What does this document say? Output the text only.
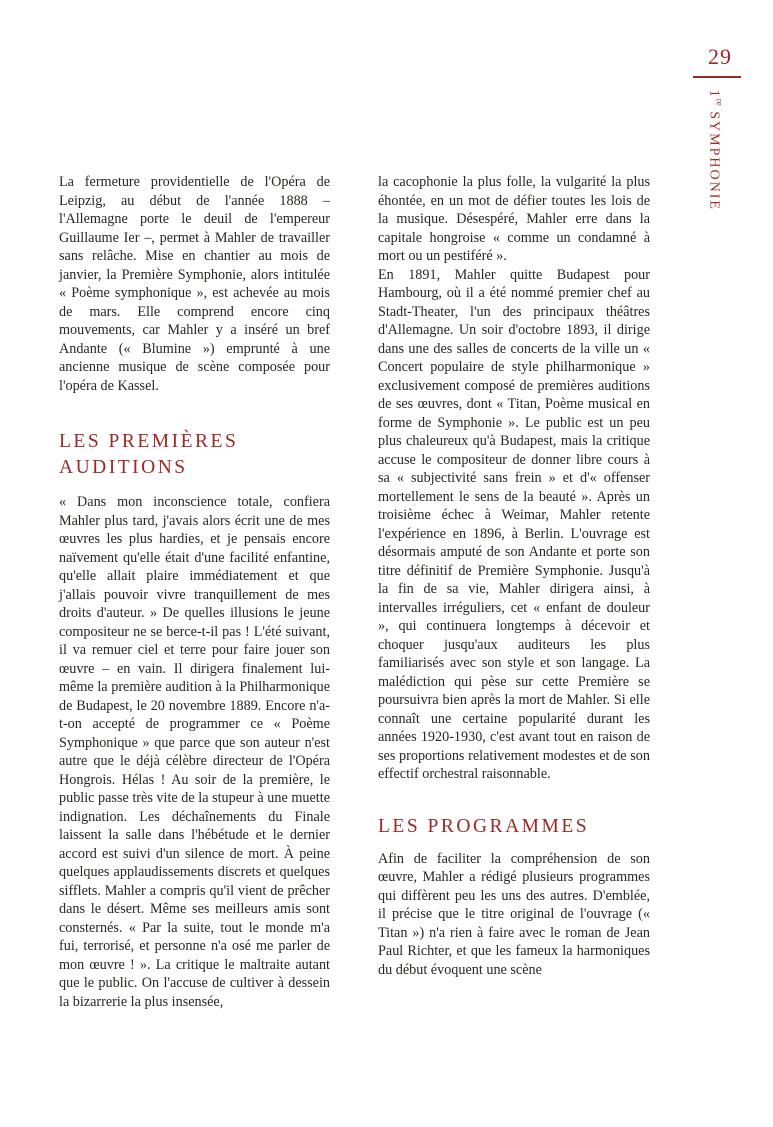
29
1re SYMPHONIE

La fermeture providentielle de l'Opéra de Leipzig, au début de l'année 1888 – l'Allemagne porte le deuil de l'empereur Guillaume Ier –, permet à Mahler de travailler sans relâche. Mise en chantier au mois de janvier, la Première Symphonie, alors intitulée « Poème symphonique », est achevée au mois de mars. Elle comprend encore cinq mouvements, car Mahler y a inséré un bref Andante (« Blumine ») emprunté à une ancienne musique de scène composée pour l'opéra de Kassel.

LES PREMIÈRES AUDITIONS

« Dans mon inconscience totale, confiera Mahler plus tard, j'avais alors écrit une de mes œuvres les plus hardies, et je pensais encore naïvement qu'elle était d'une facilité enfantine, qu'elle allait plaire immédiatement et que j'allais pouvoir vivre tranquillement de mes droits d'auteur. » De quelles illusions le jeune compositeur ne se berce-t-il pas ! L'été suivant, il va remuer ciel et terre pour faire jouer son œuvre – en vain. Il dirigera finalement lui-même la première audition à la Philharmonique de Budapest, le 20 novembre 1889. Encore n'a-t-on accepté de programmer ce « Poème Symphonique » que parce que son auteur n'est autre que le déjà célèbre directeur de l'Opéra Hongrois. Hélas ! Au soir de la première, le public passe très vite de la stupeur à une muette indignation. Les déchaînements du Finale laissent la salle dans l'hébétude et le dernier accord est suivi d'un silence de mort. À peine quelques applaudissements discrets et quelques sifflets. Mahler a compris qu'il vient de prêcher dans le désert. Même ses meilleurs amis sont consternés. « Par la suite, tout le monde m'a fui, terrorisé, et personne n'a osé me parler de mon œuvre ! ». La critique le maltraite autant que le public. On l'accuse de cultiver à dessein la bizarrerie la plus insensée,

la cacophonie la plus folle, la vulgarité la plus éhontée, en un mot de défier toutes les lois de la musique. Désespéré, Mahler erre dans la capitale hongroise « comme un condamné à mort ou un pestiféré ».

En 1891, Mahler quitte Budapest pour Hambourg, où il a été nommé premier chef au Stadt-Theater, l'un des principaux théâtres d'Allemagne. Un soir d'octobre 1893, il dirige dans une des salles de concerts de la ville un « Concert populaire de style philharmonique » exclusivement composé de premières auditions de ses œuvres, dont « Titan, Poème musical en forme de Symphonie ». Le public est un peu plus chaleureux qu'à Budapest, mais la critique accuse le compositeur de donner libre cours à sa « subjectivité sans frein » et d'« offenser mortellement le sens de la beauté ». Après un troisième échec à Weimar, Mahler retente l'expérience en 1896, à Berlin. L'ouvrage est désormais amputé de son Andante et porte son titre définitif de Première Symphonie. Jusqu'à la fin de sa vie, Mahler dirigera ainsi, à intervalles irréguliers, cet « enfant de douleur », qui continuera longtemps à décevoir et choquer jusqu'aux auditeurs les plus familiarisés avec son style et son langage. La malédiction qui pèse sur cette Première se poursuivra bien après la mort de Mahler. Si elle connaît une certaine popularité durant les années 1920-1930, c'est avant tout en raison de ses proportions relativement modestes et de son effectif orchestral raisonnable.

LES PROGRAMMES

Afin de faciliter la compréhension de son œuvre, Mahler a rédigé plusieurs programmes qui diffèrent peu les uns des autres. D'emblée, il précise que le titre original de l'ouvrage (« Titan ») n'a rien à faire avec le roman de Jean Paul Richter, et que les fameux la harmoniques du début évoquent une scène
